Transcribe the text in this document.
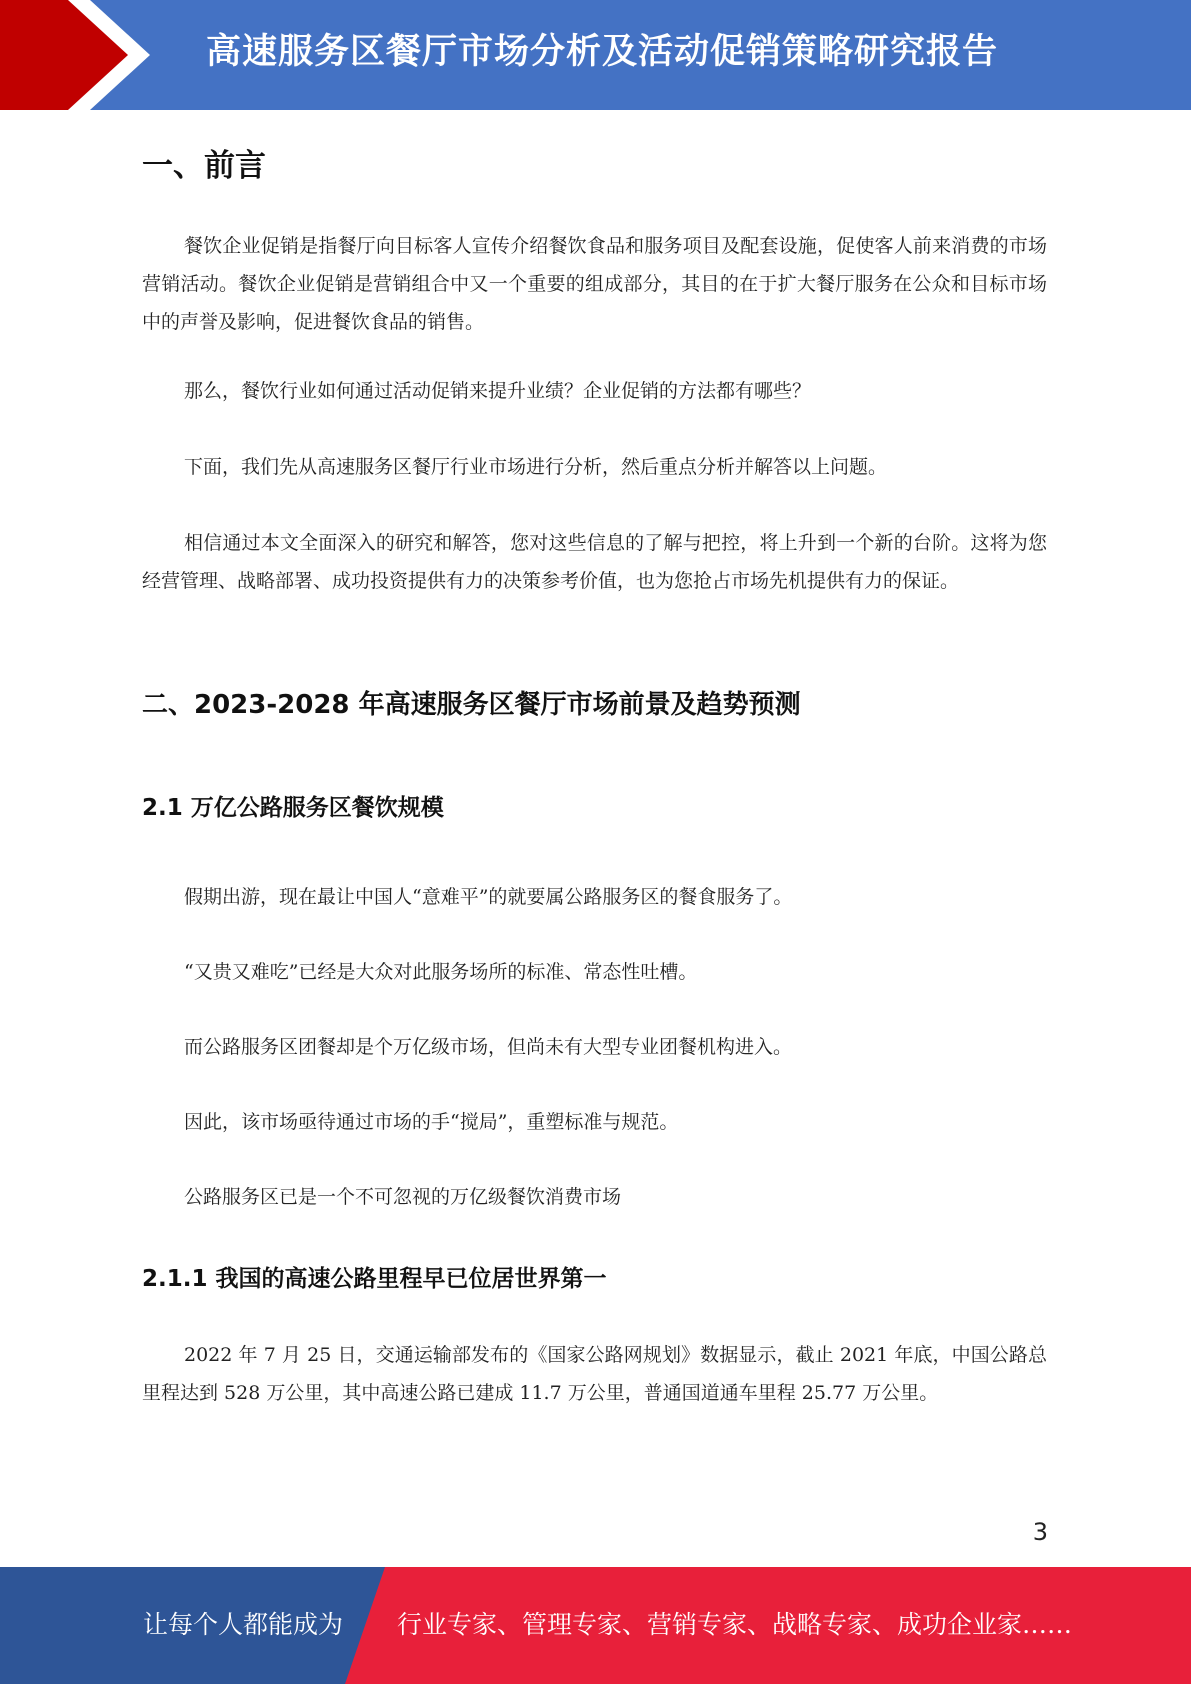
高速服务区餐厅市场分析及活动促销策略研究报告
一、前言

餐饮企业促销是指餐厅向目标客人宣传介绍餐饮食品和服务项目及配套设施，促使客人前来消费的市场营销活动。餐饮企业促销是营销组合中又一个重要的组成部分，其目的在于扩大餐厅服务在公众和目标市场中的声誉及影响，促进餐饮食品的销售。

那么，餐饮行业如何通过活动促销来提升业绩？企业促销的方法都有哪些？

下面，我们先从高速服务区餐厅行业市场进行分析，然后重点分析并解答以上问题。

相信通过本文全面深入的研究和解答，您对这些信息的了解与把控，将上升到一个新的台阶。这将为您经营管理、战略部署、成功投资提供有力的决策参考价值，也为您抢占市场先机提供有力的保证。

二、2023-2028 年高速服务区餐厅市场前景及趋势预测
2.1 万亿公路服务区餐饮规模

假期出游，现在最让中国人“意难平”的就要属公路服务区的餐食服务了。

“又贵又难吃”已经是大众对此服务场所的标准、常态性吐槽。

而公路服务区团餐却是个万亿级市场，但尚未有大型专业团餐机构进入。

因此，该市场亟待通过市场的手“搅局”，重塑标准与规范。

公路服务区已是一个不可忽视的万亿级餐饮消费市场

2.1.1 我国的高速公路里程早已位居世界第一

2022 年 7 月 25 日，交通运输部发布的《国家公路网规划》数据显示，截止 2021 年底，中国公路总里程达到 528 万公里，其中高速公路已建成 11.7 万公里，普通国道通车里程 25.77 万公里。

3
让每个人都能成为 行业专家、管理专家、营销专家、战略专家、成功企业家……
